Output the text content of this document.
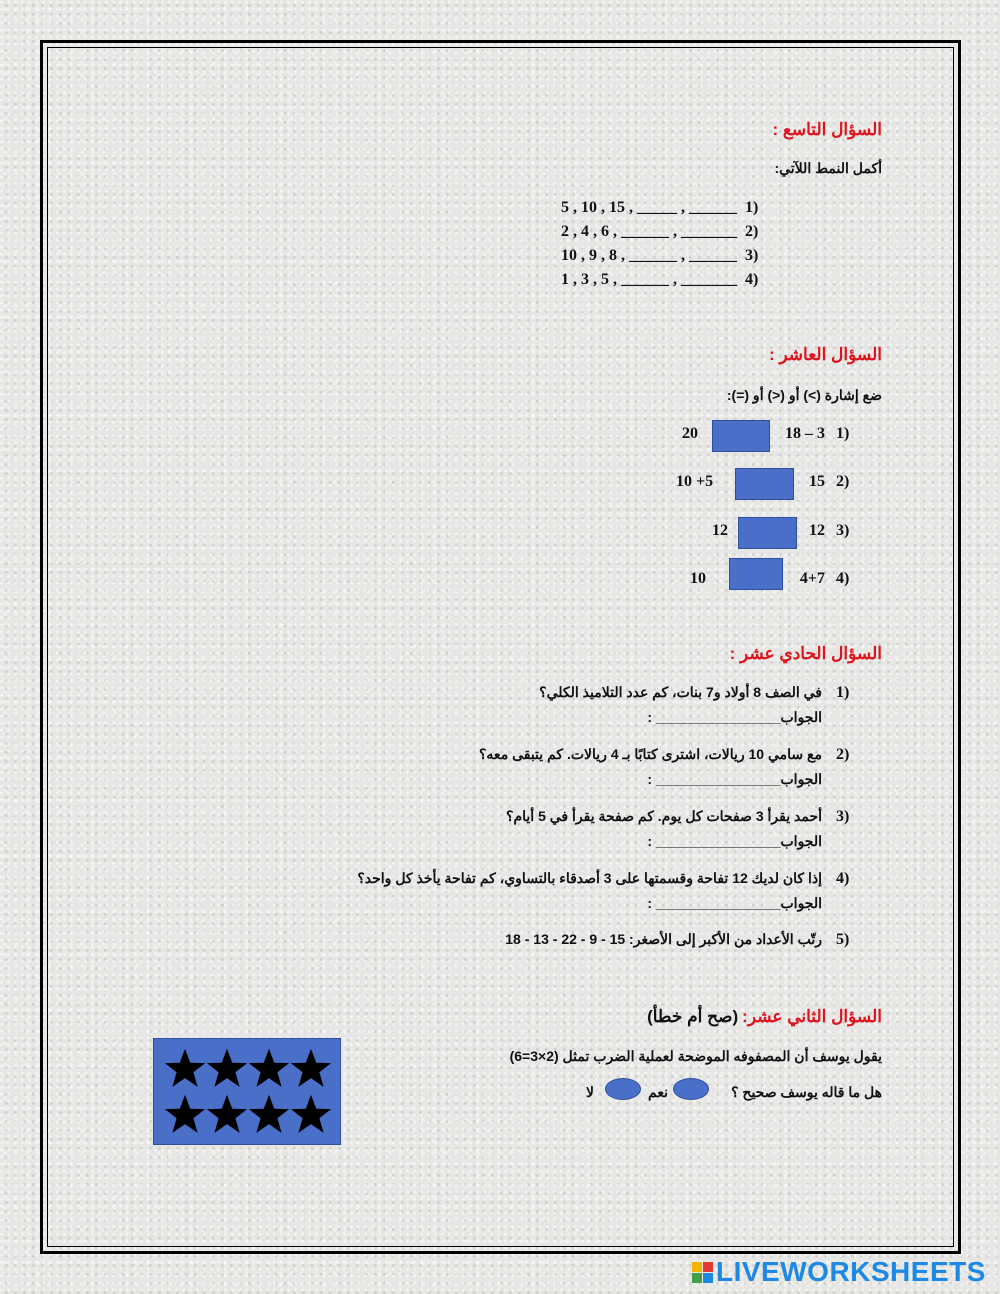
السؤال التاسع :
أكمل النمط اللآتي:
1)
5 , 10 , 15 , _____ , ______
2)
2 , 4 , 6 , ______ , _______
3)
10 , 9 , 8 , ______ , ______
4)
1 , 3 , 5 , ______ , _______
السؤال العاشر :
ضع إشارة (>) أو (<) أو (=):
1)
18 – 3
20
2)
15
10 +5
3)
12
12
4)
4+7
10
السؤال الحادي عشر :
1)
في الصف 8 أولاد و7 بنات، كم عدد التلاميذ الكلي؟
الجواب________________ :
2)
مع سامي 10 ريالات، اشترى كتابًا بـ 4 ريالات. كم يتبقى معه؟
الجواب________________ :
3)
أحمد يقرأ 3 صفحات كل يوم. كم صفحة يقرأ في 5 أيام؟
الجواب________________ :
4)
إذا كان لديك 12 تفاحة وقسمتها على 3 أصدقاء بالتساوي، كم تفاحة يأخذ كل واحد؟
الجواب________________ :
5)
رتّب الأعداد من الأكبر إلى الأصغر: 15 - 9 - 22 - 13 - 18
السؤال الثاني عشر: (صح أم خطأ)
يقول يوسف أن المصفوفه الموضحة لعملية الضرب تمثل (2×3=6)
هل ما قاله يوسف صحيح ؟
نعم
لا
LIVEWORKSHEETS
